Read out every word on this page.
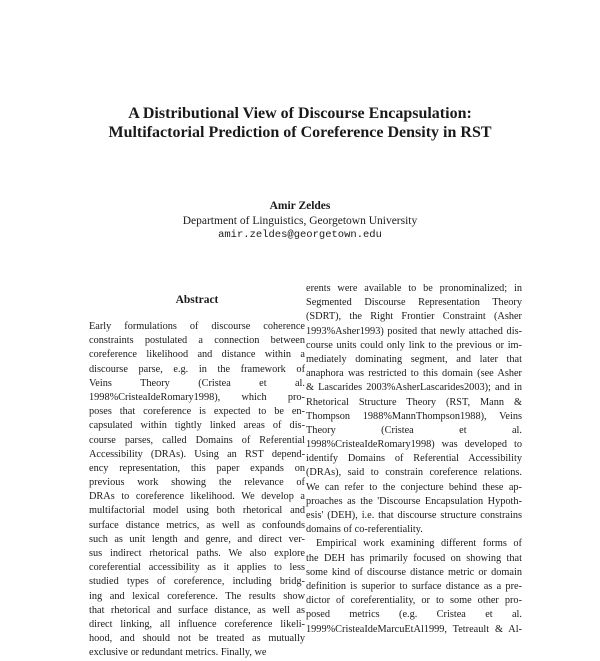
A Distributional View of Discourse Encapsulation:
Multifactorial Prediction of Coreference Density in RST
Amir Zeldes
Department of Linguistics, Georgetown University
amir.zeldes@georgetown.edu
Abstract
Early formulations of discourse coherence
constraints postulated a connection between
coreference likelihood and distance within a
discourse parse, e.g. in the framework of
Veins Theory (Cristea et al.
1998%CristeaIdeRomary1998), which pro-
poses that coreference is expected to be en-
capsulated within tightly linked areas of dis-
course parses, called Domains of Referential
Accessibility (DRAs). Using an RST depend-
ency representation, this paper expands on
previous work showing the relevance of
DRAs to coreference likelihood. We develop a
multifactorial model using both rhetorical and
surface distance metrics, as well as confounds
such as unit length and genre, and direct ver-
sus indirect rhetorical paths. We also explore
coreferential accessibility as it applies to less
studied types of coreference, including bridg-
ing and lexical coreference. The results show
that rhetorical and surface distance, as well as
direct linking, all influence coreference likeli-
hood, and should not be treated as mutually
exclusive or redundant metrics. Finally, we
erents were available to be pronominalized; in
Segmented Discourse Representation Theory
(SDRT), the Right Frontier Constraint (Asher
1993%Asher1993) posited that newly attached dis-
course units could only link to the previous or im-
mediately dominating segment, and later that
anaphora was restricted to this domain (see Asher
& Lascarides 2003%AsherLascarides2003); and in
Rhetorical Structure Theory (RST, Mann &
Thompson 1988%MannThompson1988), Veins
Theory (Cristea et al.
1998%CristeaIdeRomary1998) was developed to
identify Domains of Referential Accessibility
(DRAs), said to constrain coreference relations.
We can refer to the conjecture behind these ap-
proaches as the 'Discourse Encapsulation Hypoth-
esis' (DEH), i.e. that discourse structure constrains
domains of co-referentiality.
Empirical work examining different forms of
the DEH has primarily focused on showing that
some kind of discourse distance metric or domain
definition is superior to surface distance as a pre-
dictor of coreferentiality, or to some other pro-
posed metrics (e.g. Cristea et al.
1999%CristeaIdeMarcuEtAl1999, Tetreault & Al-
